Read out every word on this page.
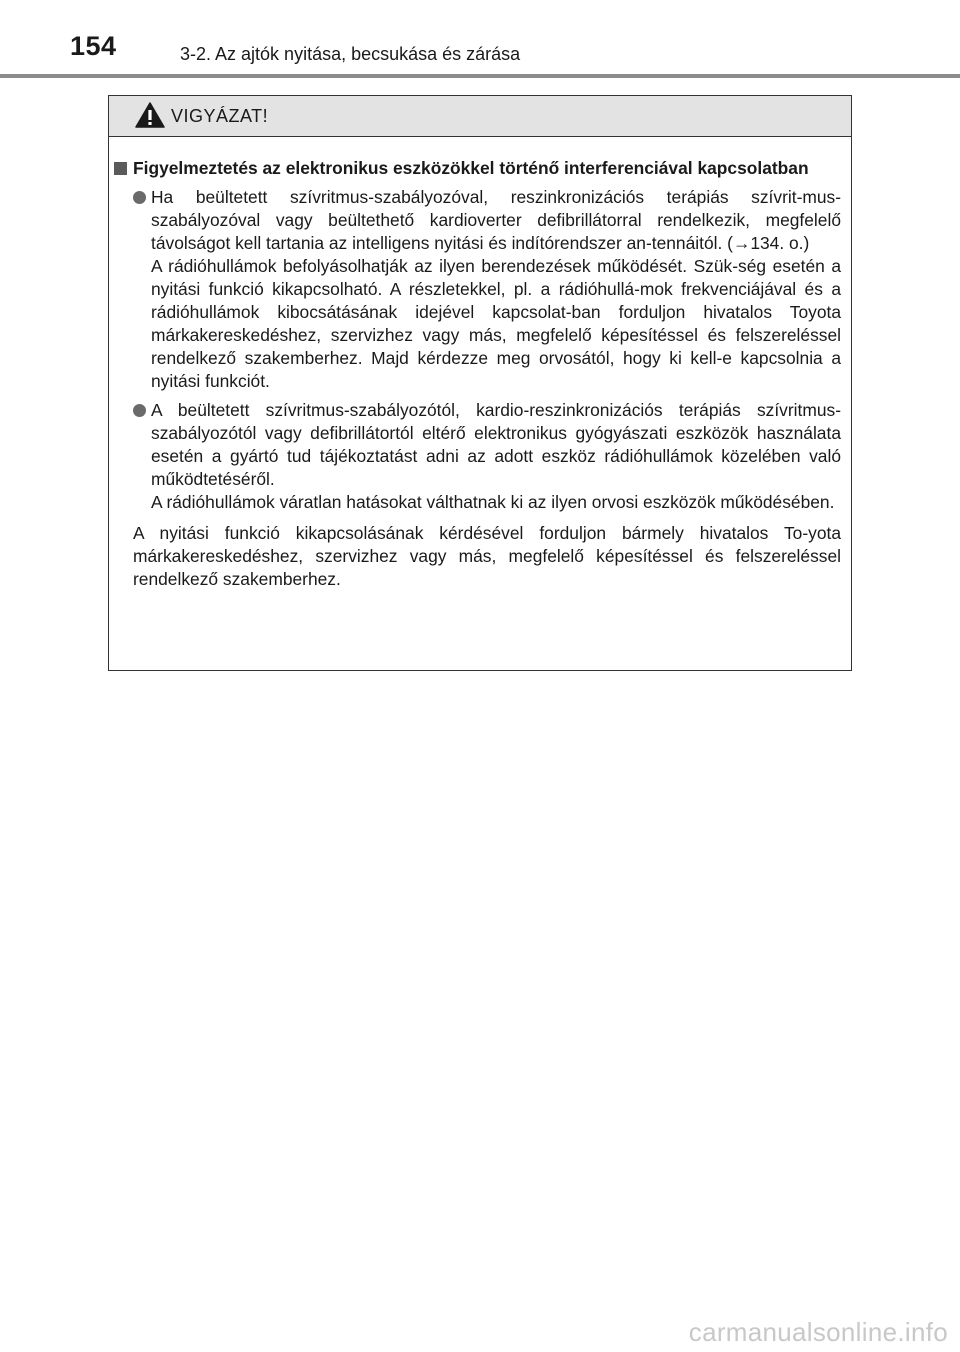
154	3-2. Az ajtók nyitása, becsukása és zárása
VIGYÁZAT!
Figyelmeztetés az elektronikus eszközökkel történő interferenciával kapcsolatban

Ha beültetett szívritmus-szabályozóval, reszinkronizációs terápiás szívrit-mus-szabályozóval vagy beültethető kardioverter defibrillátorral rendelkezik, megfelelő távolságot kell tartania az intelligens nyitási és indítórendszer an-tennáitól. (→134. o.)

A rádióhullámok befolyásolhatják az ilyen berendezések működését. Szük-ség esetén a nyitási funkció kikapcsolható. A részletekkel, pl. a rádióhullá-mok frekvenciájával és a rádióhullámok kibocsátásának idejével kapcsolat-ban forduljon hivatalos Toyota márkakereskedéshez, szervizhez vagy más, megfelelő képesítéssel és felszereléssel rendelkező szakemberhez. Majd kérdezze meg orvosától, hogy ki kell-e kapcsolnia a nyitási funkciót.

A beültetett szívritmus-szabályozótól, kardio-reszinkronizációs terápiás szívritmus-szabályozótól vagy defibrillátortól eltérő elektronikus gyógyászati eszközök használata esetén a gyártó tud tájékoztatást adni az adott eszköz rádióhullámok közelében való működtetéséről.

A rádióhullámok váratlan hatásokat válthatnak ki az ilyen orvosi eszközök működésében.

A nyitási funkció kikapcsolásának kérdésével forduljon bármely hivatalos To-yota márkakereskedéshez, szervizhez vagy más, megfelelő képesítéssel és felszereléssel rendelkező szakemberhez.

carmanualsonline.info
